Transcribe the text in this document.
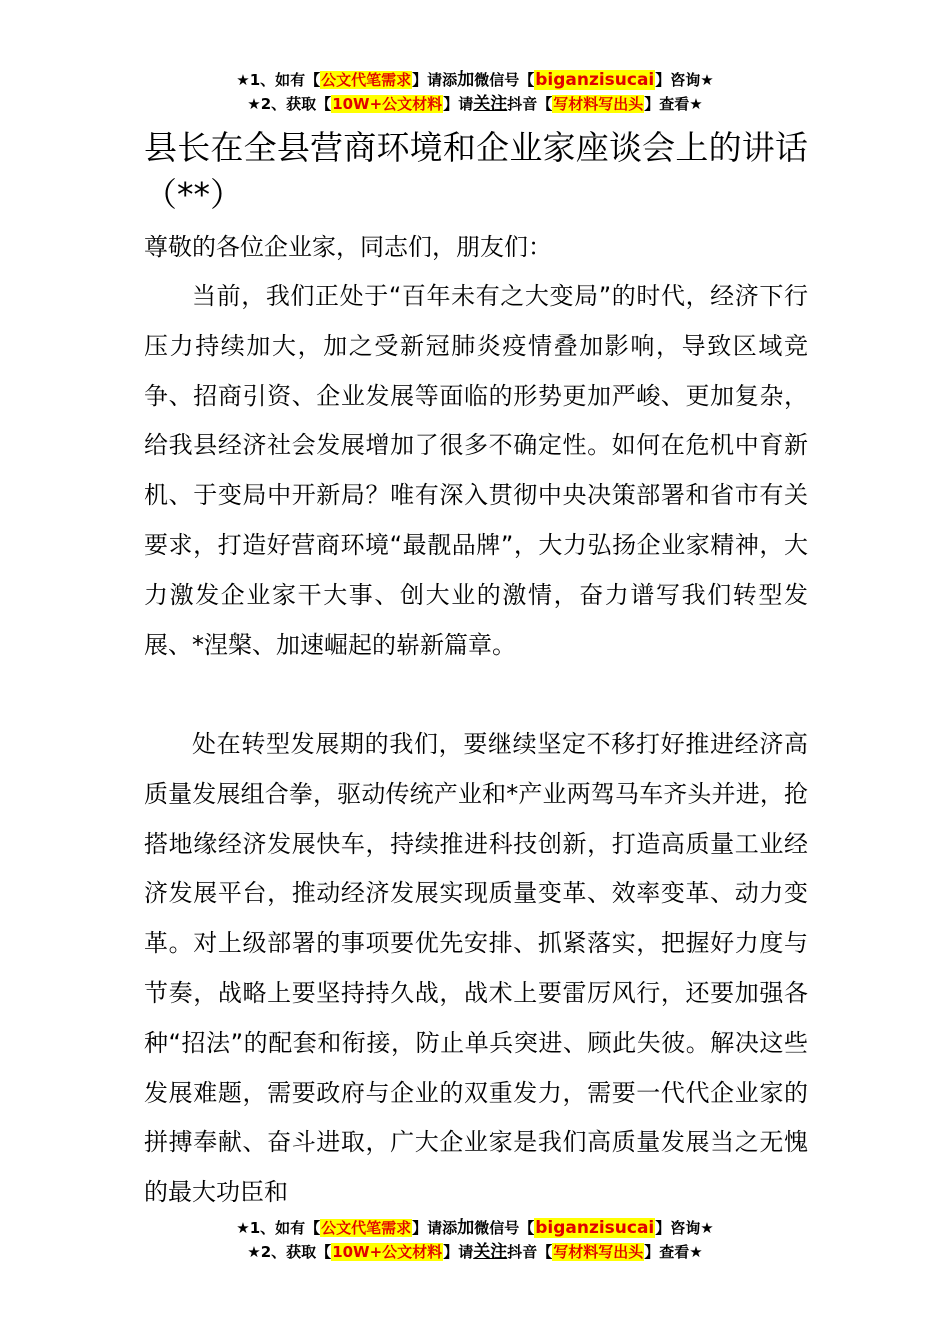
★1、如有【公文代笔需求】请添加微信号【biganzisucai】咨询★
★2、获取【10W+公文材料】请关注抖音【写材料写出头】查看★
县长在全县营商环境和企业家座谈会上的讲话（**）

尊敬的各位企业家，同志们，朋友们：

当前，我们正处于“百年未有之大变局”的时代，经济下行压力持续加大，加之受新冠肺炎疫情叠加影响，导致区域竞争、招商引资、企业发展等面临的形势更加严峻、更加复杂，给我县经济社会发展增加了很多不确定性。如何在危机中育新机、于变局中开新局？唯有深入贯彻中央决策部署和省市有关要求，打造好营商环境“最靓品牌”，大力弘扬企业家精神，大力激发企业家干大事、创大业的激情，奋力谱写我们转型发展、*涅槃、加速崛起的崭新篇章。

处在转型发展期的我们，要继续坚定不移打好推进经济高质量发展组合拳，驱动传统产业和*产业两驾马车齐头并进，抢搭地缘经济发展快车，持续推进科技创新，打造高质量工业经济发展平台，推动经济发展实现质量变革、效率变革、动力变革。对上级部署的事项要优先安排、抓紧落实，把握好力度与节奏，战略上要坚持持久战，战术上要雷厉风行，还要加强各种“招法”的配套和衔接，防止单兵突进、顾此失彼。解决这些发展难题，需要政府与企业的双重发力，需要一代代企业家的拼搏奉献、奋斗进取，广大企业家是我们高质量发展当之无愧的最大功臣和

★1、如有【公文代笔需求】请添加微信号【biganzisucai】咨询★
★2、获取【10W+公文材料】请关注抖音【写材料写出头】查看★
